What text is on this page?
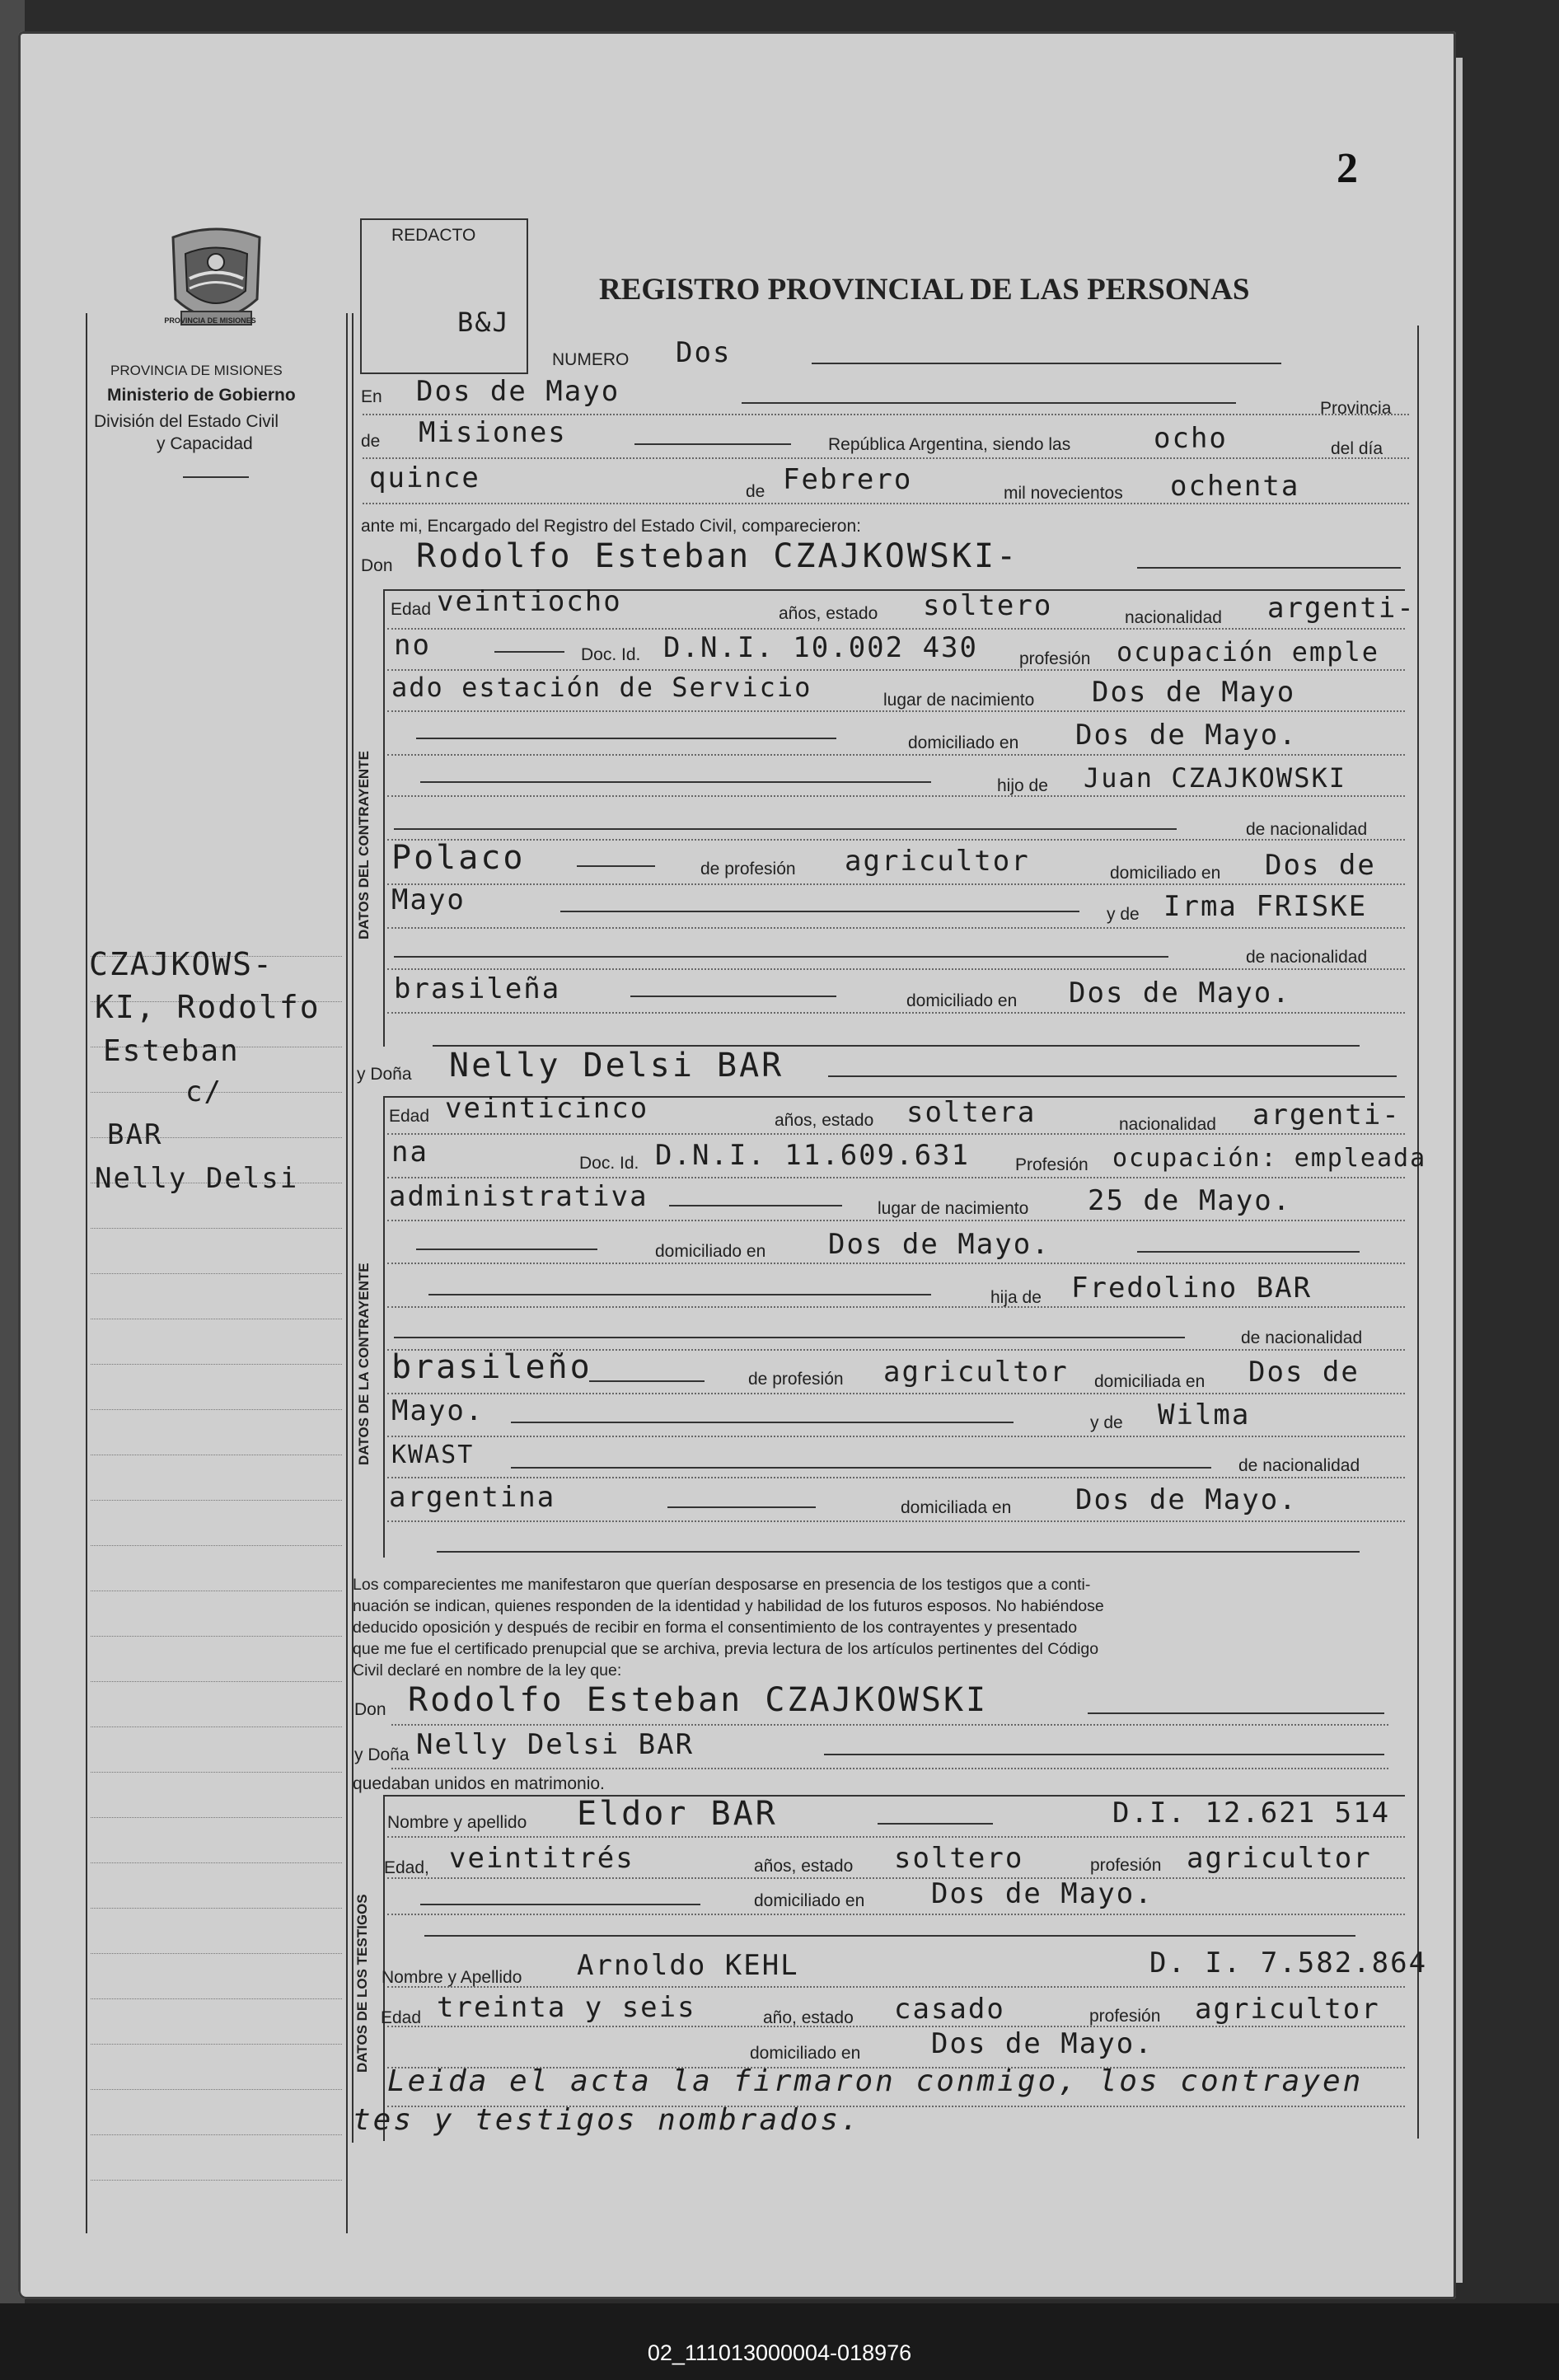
2
PROVINCIA DE MISIONES
PROVINCIA DE MISIONES
Ministerio de Gobierno
División del Estado Civil
y Capacidad
CZAJKOWS-
KI, Rodolfo
Esteban
c/
BAR
Nelly Delsi
REDACTO
B&J
REGISTRO PROVINCIAL DE LAS PERSONAS
NUMERO Dos
En Dos de Mayo
Provincia
de Misiones	República Argentina, siendo las	ocho	del día
quince	de Febrero	mil novecientos ochenta
ante mi, Encargado del Registro del Estado Civil, comparecieron:
Don Rodolfo Esteban CZAJKOWSKI-
DATOS DEL CONTRAYENTE
Edad veintiocho	años, estado soltero	nacionalidad argenti-
no	Doc. Id. D.N.I. 10.002 430 profesión ocupación emple
ado estación de Servicio	lugar de nacimiento Dos de Mayo
domiciliado en Dos de Mayo.
hijo de Juan CZAJKOWSKI
de nacionalidad
Polaco	de profesión agricultor	domiciliado en Dos de
Mayo	y de Irma FRISKE
de nacionalidad
brasileña	domiciliado en Dos de Mayo.
y Doña Nelly Delsi BAR
DATOS DE LA CONTRAYENTE
Edad veinticinco	años, estado soltera	nacionalidad argenti-
na	Doc. Id. D.N.I. 11.609.631	Profesión ocupación: empleada
administrativa	lugar de nacimiento 25 de Mayo.
domiciliado en Dos de Mayo.
hija de Fredolino BAR
de nacionalidad
brasileño	de profesión agricultor domiciliada en Dos de
Mayo.	y de Wilma
KWAST	de nacionalidad
argentina	domiciliada en Dos de Mayo.
Los comparecientes me manifestaron que querían desposarse en presencia de los testigos que a conti-
nuación se indican, quienes responden de la identidad y habilidad de los futuros esposos. No habiéndose
deducido oposición y después de recibir en forma el consentimiento de los contrayentes y presentado
que me fue el certificado prenupcial que se archiva, previa lectura de los artículos pertinentes del Código
Civil declaré en nombre de la ley que:
Don Rodolfo Esteban CZAJKOWSKI
y Doña Nelly Delsi BAR
quedaban unidos en matrimonio.
DATOS DE LOS TESTIGOS
Nombre y apellido Eldor BAR	D.I. 12.621 514
Edad, veintitrés	años, estado soltero	profesión agricultor
domiciliado en Dos de Mayo.
Nombre y Apellido Arnoldo KEHL	D. I. 7.582.864
Edad treinta y seis	año, estado casado	profesión agricultor
domiciliado en	Dos de Mayo.
Leida el acta la firmaron conmigo, los contrayen
tes y testigos nombrados.
02_111013000004-018976
